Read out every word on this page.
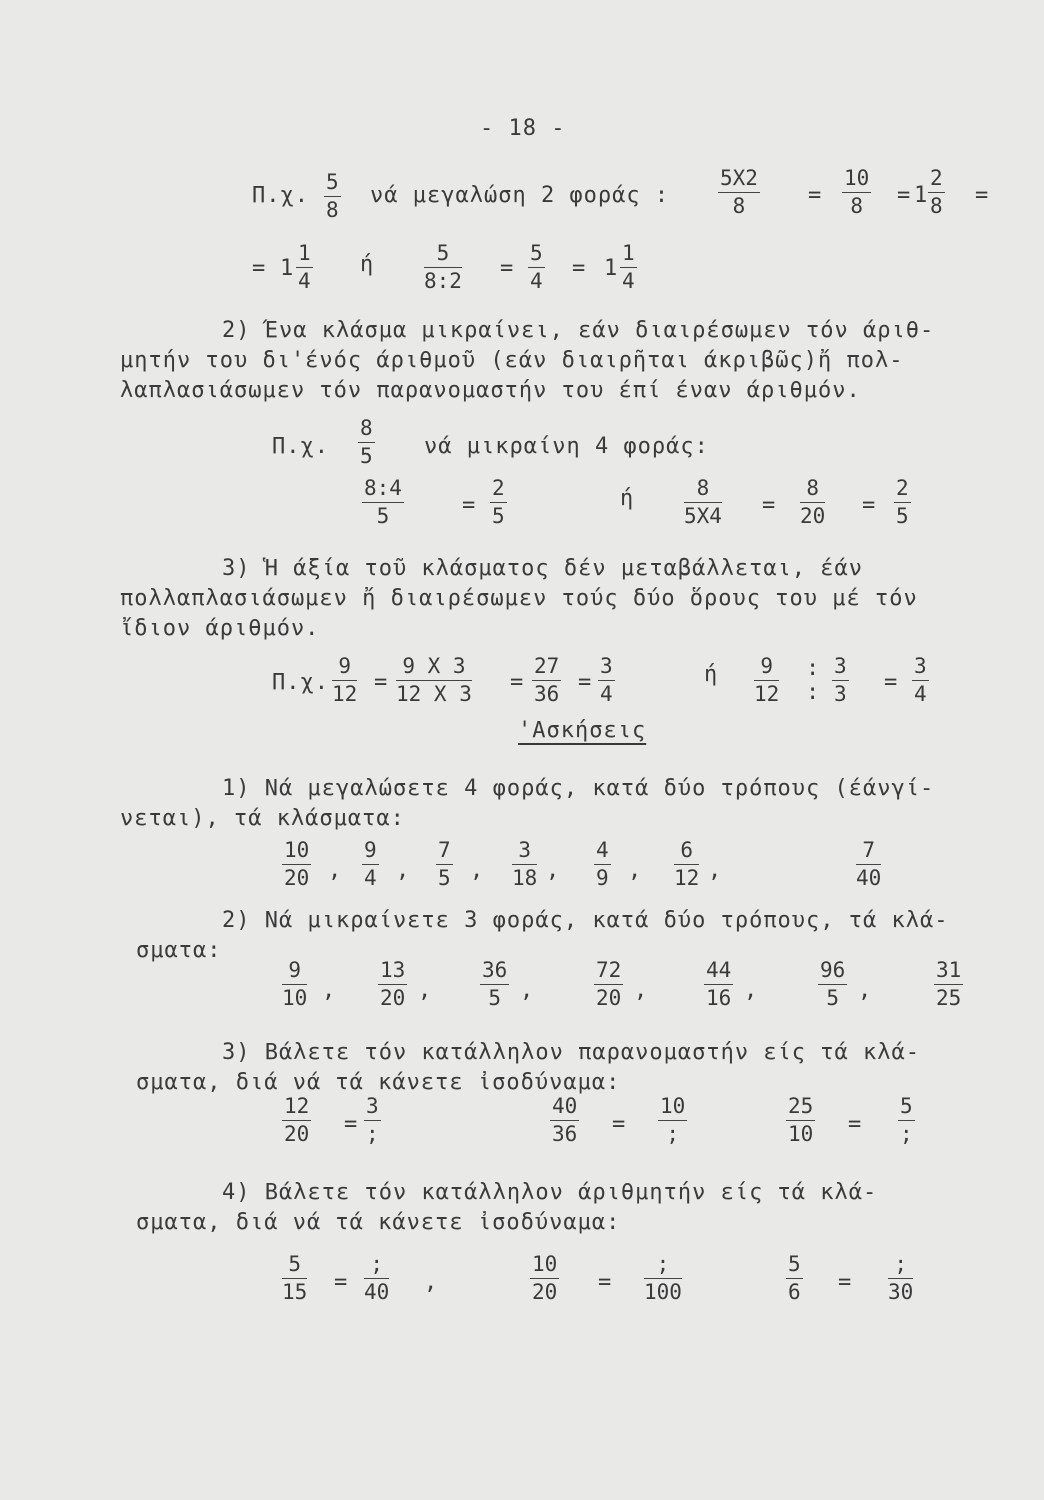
- 18 -
Π.χ. $\frac{5}{8}$ νά μεγαλώση 2 φοράς : $\frac{5X2}{8} = \frac{10}{8} = 1 \frac{2}{8}$ =
= $1 \frac{1}{4}$ ή $\frac{5}{8:2} = \frac{5}{4} = 1 \frac{1}{4}$
2) Ένα κλάσμα μικραίνει, εάν διαιρέσωμεν τόν άριθ-
μητήν του δι'ένός άριθμοῦ (εάν διαιρῆται άκριβῶς)ἤ πολ-
λαπλασιάσωμεν τόν παρανομαστήν του έπί έναν άριθμόν.
Π.χ. $\frac{8}{5}$ νά μικραίνη 4 φοράς:
$\frac{8:4}{5}$	= $\frac{2}{5}$	ή $\frac{8}{5X4} = \frac{8}{20} = \frac{2}{5}$
3) Ἡ άξία τοῦ κλάσματος δέν μεταβάλλεται, έάν
πολλαπλασιάσωμεν ἤ διαιρέσωμεν τούς δύο ὅρους του μέ τόν
ἴδιον άριθμόν.
Π.χ. $\frac{9}{12} = \frac{9 X 3}{12 X 3} = \frac{27}{36} = \frac{3}{4}$	ή $\frac{9}{12}$ :
: $\frac{3}{3} = \frac{3}{4}$
'Ασκήσεις
1) Νά μεγαλώσετε 4 φοράς, κατά δύο τρόπους (έάνγί-
νεται), τά κλάσματα:
2) Νά μικραίνετε 3 φοράς, κατά δύο τρόπους, τά κλά-
σματα:
3) Βάλετε τόν κατάλληλον παρανομαστήν είς τά κλά-
σματα, διά νά τά κάνετε ἰσοδύναμα:
4) Βάλετε τόν κατάλληλον άριθμητήν είς τά κλά-
σματα, διά νά τά κάνετε ἰσοδύναμα:
$\frac{10}{20}$ , $\frac{9}{4}$ , $\frac{7}{5}$ , $\frac{3}{18}$ , $\frac{4}{9}$ , $\frac{6}{12}$ ,	$\frac{7}{40}$
$\frac{9}{10}$ , $\frac{13}{20}$ , $\frac{36}{5}$ ,	$\frac{72}{20}$ ,	$\frac{44}{16}$ ,	$\frac{96}{5}$ ,	$\frac{31}{25}$
$\frac{12}{20}$ =
3
;	$\frac{40}{36}$ =
10
;	$\frac{25}{10}$ =
5
;
$\frac{5}{15}$ =
;
40 ,	$\frac{10}{20}$ =
;
100	$\frac{5}{6}$ =
;
30
